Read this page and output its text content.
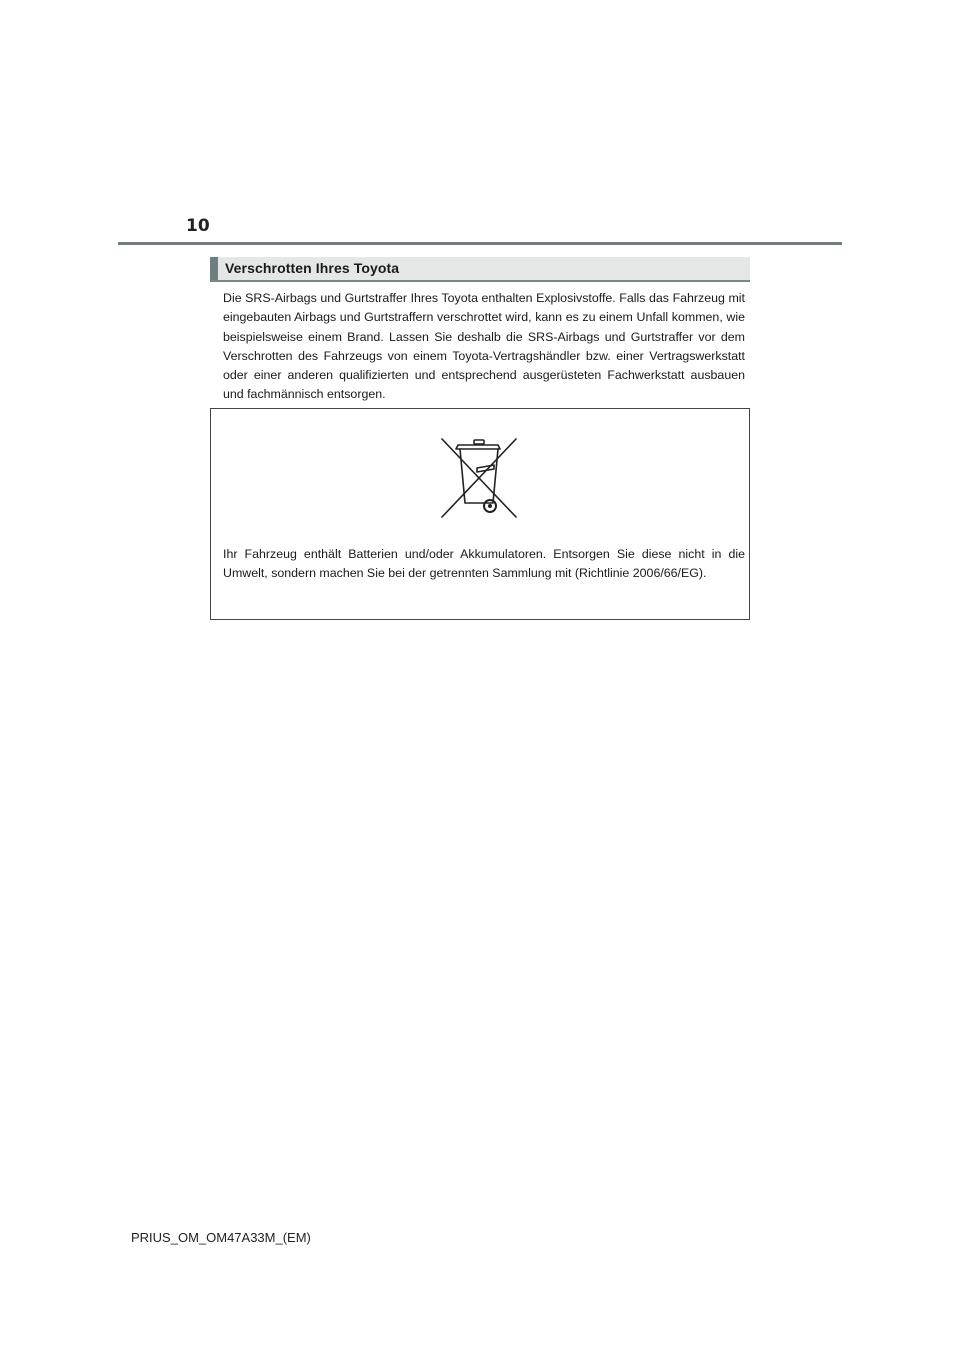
10
Verschrotten Ihres Toyota

Die SRS-Airbags und Gurtstraffer Ihres Toyota enthalten Explosivstoffe. Falls das Fahrzeug mit eingebauten Airbags und Gurtstraffern verschrottet wird, kann es zu einem Unfall kommen, wie beispielsweise einem Brand. Lassen Sie deshalb die SRS-Airbags und Gurtstraffer vor dem Verschrotten des Fahrzeugs von einem Toyota-Vertragshändler bzw. einer Vertragswerkstatt oder einer anderen qualifizierten und entsprechend ausgerüsteten Fachwerkstatt ausbauen und fachmännisch entsorgen.

Ihr Fahrzeug enthält Batterien und/oder Akkumulatoren. Entsorgen Sie diese nicht in die Umwelt, sondern machen Sie bei der getrennten Sammlung mit (Richtlinie 2006/66/EG).

PRIUS_OM_OM47A33M_(EM)
